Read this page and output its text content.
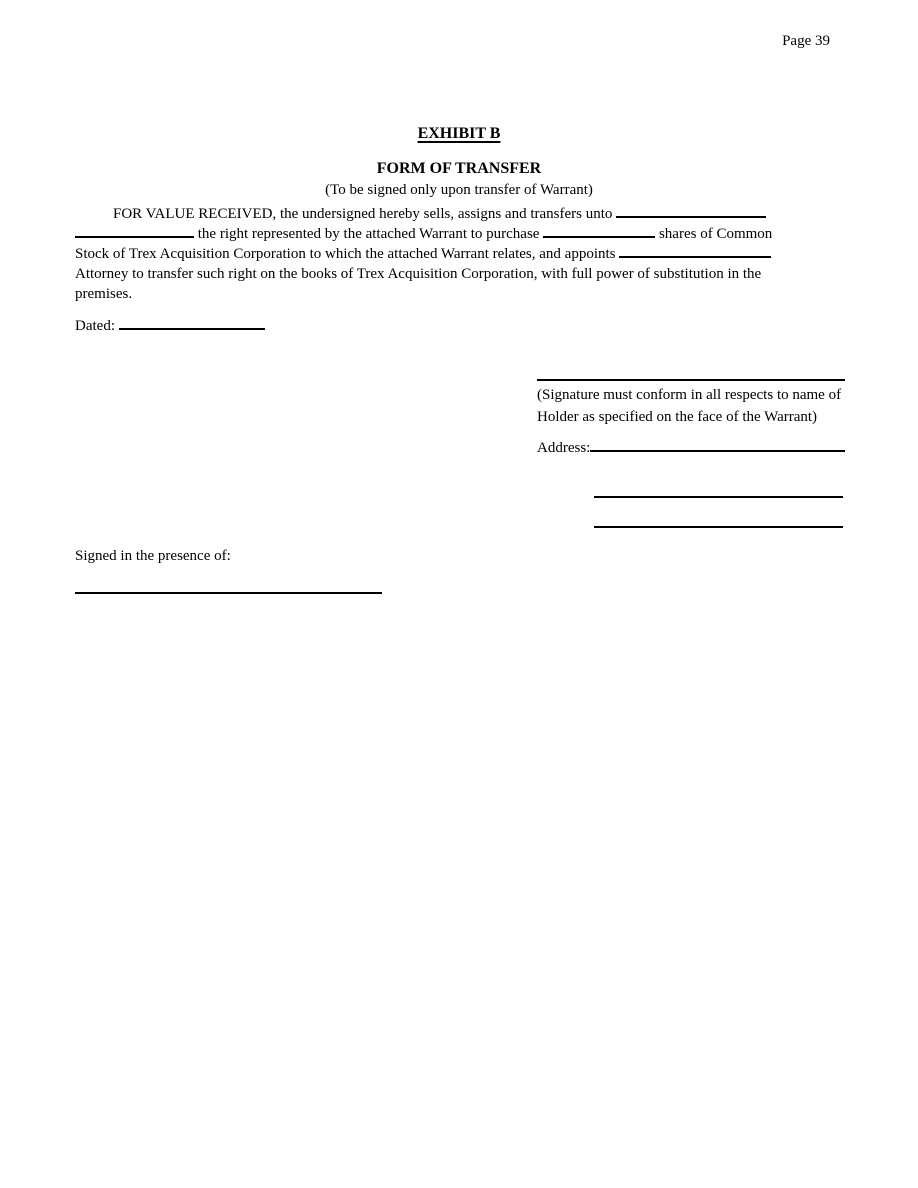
Page 39
EXHIBIT B
FORM OF TRANSFER
(To be signed only upon transfer of Warrant)
FOR VALUE RECEIVED, the undersigned hereby sells, assigns and transfers unto
the right represented by the attached Warrant to purchase	shares of Common
Stock of Trex Acquisition Corporation to which the attached Warrant relates, and appoints
Attorney to transfer such right on the books of Trex Acquisition Corporation, with full power of substitution in the
premises.
Dated:
(Signature must conform in all respects to name of Holder as specified on the face of the Warrant)
Address:
Signed in the presence of:
